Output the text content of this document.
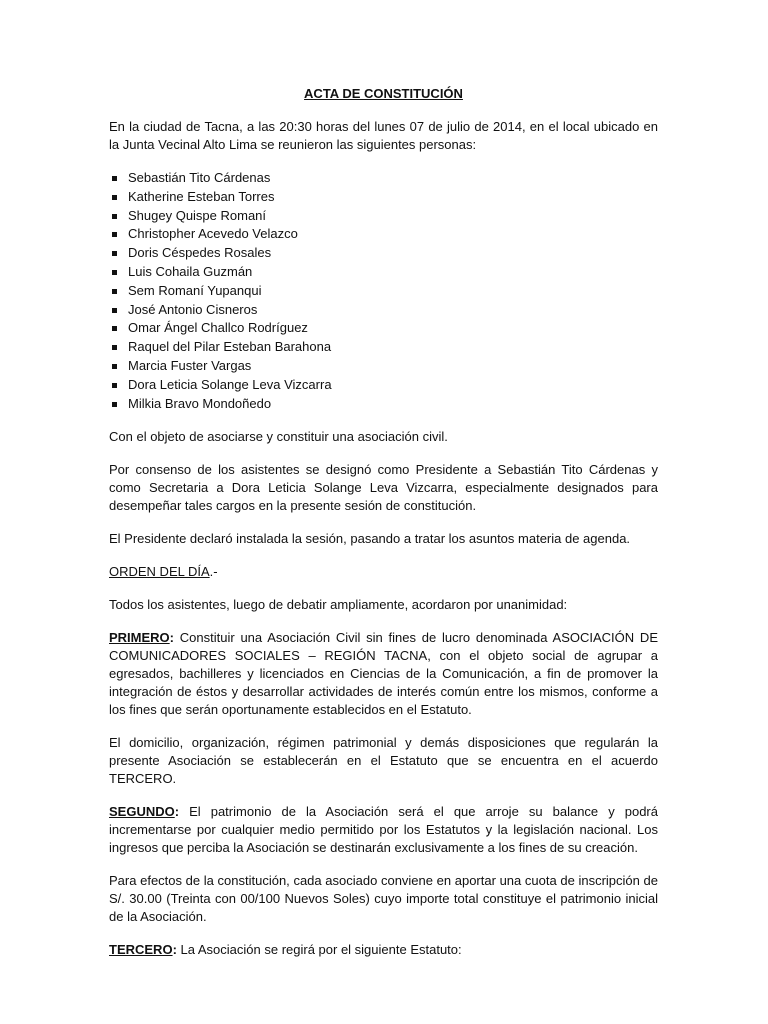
ACTA DE CONSTITUCIÓN

En la ciudad de Tacna, a las 20:30 horas del lunes 07 de julio de 2014, en el local ubicado en la Junta Vecinal Alto Lima se reunieron las siguientes personas:

Sebastián Tito Cárdenas
Katherine Esteban Torres
Shugey Quispe Romaní
Christopher Acevedo Velazco
Doris Céspedes Rosales
Luis Cohaila Guzmán
Sem Romaní Yupanqui
José Antonio Cisneros
Omar Ángel Challco Rodríguez
Raquel del Pilar Esteban Barahona
Marcia Fuster Vargas
Dora Leticia Solange Leva Vizcarra
Milkia Bravo Mondoñedo

Con el objeto de asociarse y constituir una asociación civil.

Por consenso de los asistentes se designó como Presidente a Sebastián Tito Cárdenas y como Secretaria a Dora Leticia Solange Leva Vizcarra, especialmente designados para desempeñar tales cargos en la presente sesión de constitución.

El Presidente declaró instalada la sesión, pasando a tratar los asuntos materia de agenda.

ORDEN DEL DÍA.-

Todos los asistentes, luego de debatir ampliamente, acordaron por unanimidad:

PRIMERO: Constituir una Asociación Civil sin fines de lucro denominada ASOCIACIÓN DE COMUNICADORES SOCIALES – REGIÓN TACNA, con el objeto social de agrupar a egresados, bachilleres y licenciados en Ciencias de la Comunicación, a fin de promover la integración de éstos y desarrollar actividades de interés común entre los mismos, conforme a los fines que serán oportunamente establecidos en el Estatuto.

El domicilio, organización, régimen patrimonial y demás disposiciones que regularán la presente Asociación se establecerán en el Estatuto que se encuentra en el acuerdo TERCERO.

SEGUNDO: El patrimonio de la Asociación será el que arroje su balance y podrá incrementarse por cualquier medio permitido por los Estatutos y la legislación nacional. Los ingresos que perciba la Asociación se destinarán exclusivamente a los fines de su creación.

Para efectos de la constitución, cada asociado conviene en aportar una cuota de inscripción de S/. 30.00 (Treinta con 00/100 Nuevos Soles) cuyo importe total constituye el patrimonio inicial de la Asociación.

TERCERO: La Asociación se regirá por el siguiente Estatuto:
